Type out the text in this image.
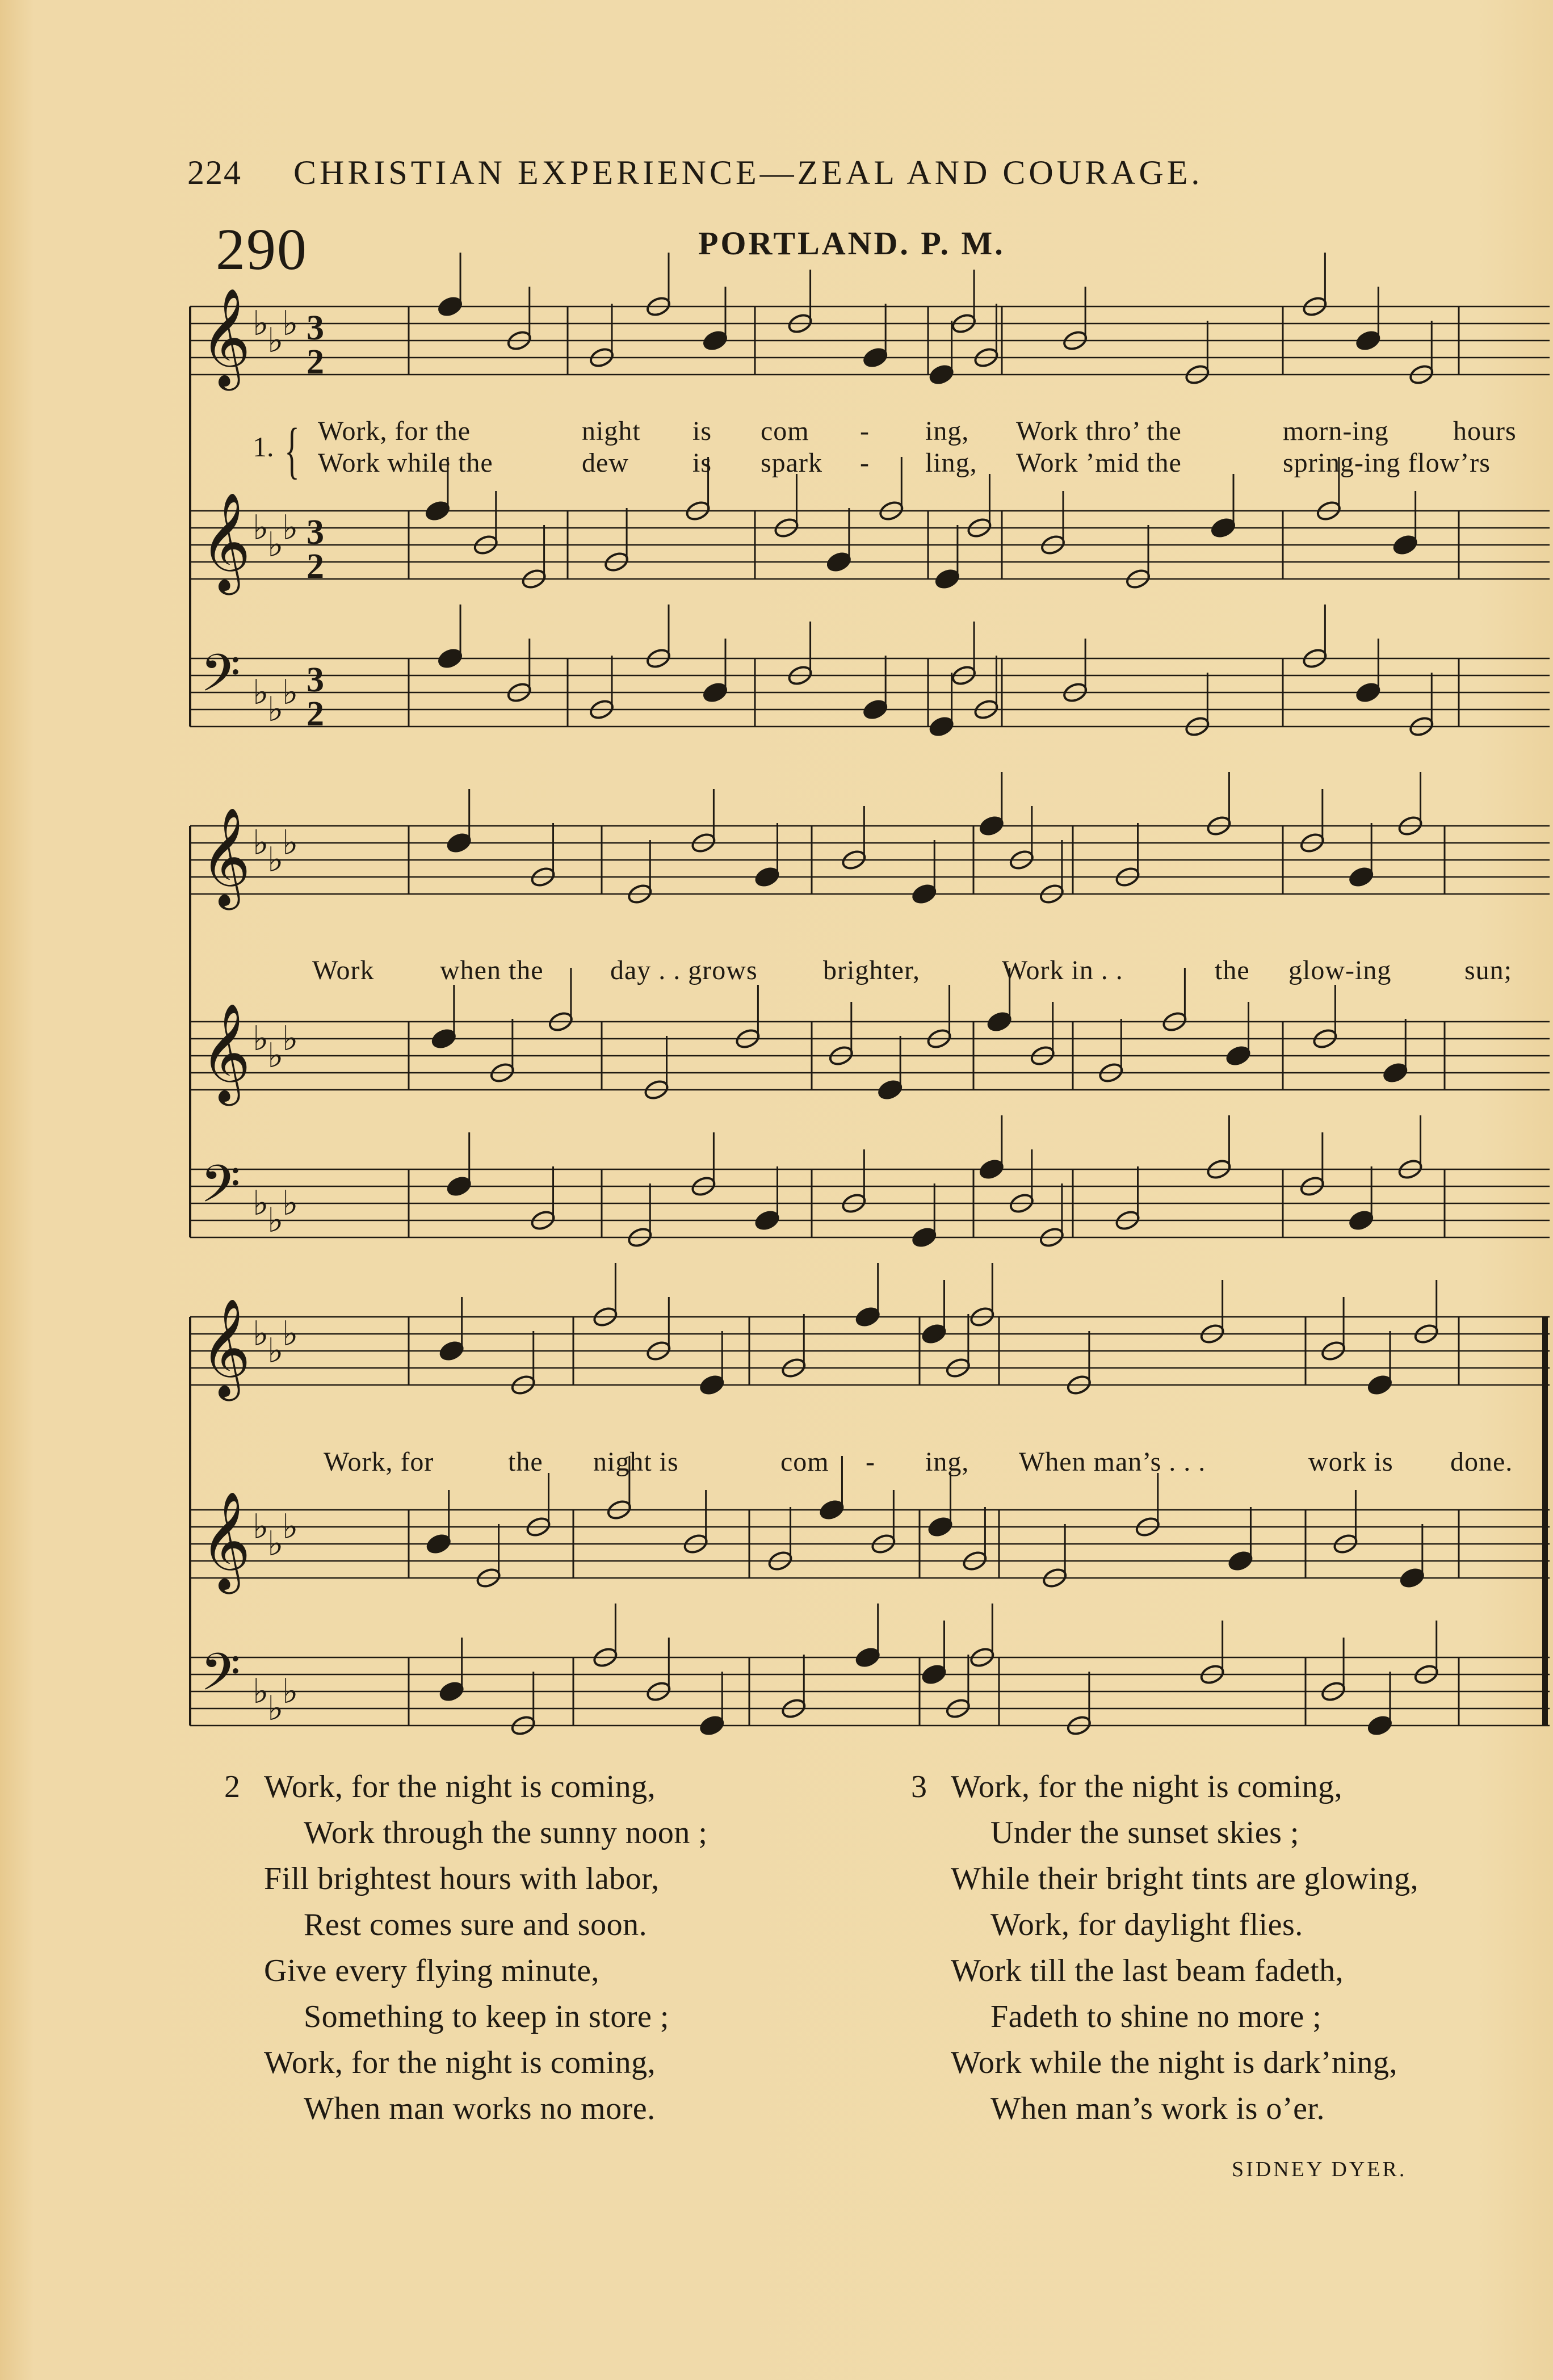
224 CHRISTIAN EXPERIENCE—ZEAL AND COURAGE.
290	PORTLAND. P. M.
𝄞 ♭
♭
♭ 3
2
𝄞 ♭
♭
♭ 3
2
𝄢 ♭
♭
♭ 3
2
𝄞 ♭
♭
♭
𝄞 ♭
♭
♭
𝄢 ♭
♭
♭
𝄞 ♭
♭
♭
𝄞 ♭
♭
♭
𝄢 ♭
♭
♭
1. { Work, for the	night is com - ing, Work thro’ the	morn-ing hours
Work while the	dew is spark - ling, Work ’mid the	spring-ing flow’rs
Work when the day . . grows brighter,	Work in . .	the glow-ing	sun;
Work, for	the night is	com - ing, When man’s . . .	work is done.
2 Work, for the night is coming,
Work through the sunny noon ;
Fill brightest hours with labor,
Rest comes sure and soon.
Give every flying minute,
Something to keep in store ;
Work, for the night is coming,
When man works no more.
3 Work, for the night is coming,
Under the sunset skies ;
While their bright tints are glowing,
Work, for daylight flies.
Work till the last beam fadeth,
Fadeth to shine no more ;
Work while the night is dark’ning,
When man’s work is o’er.
SIDNEY DYER.
